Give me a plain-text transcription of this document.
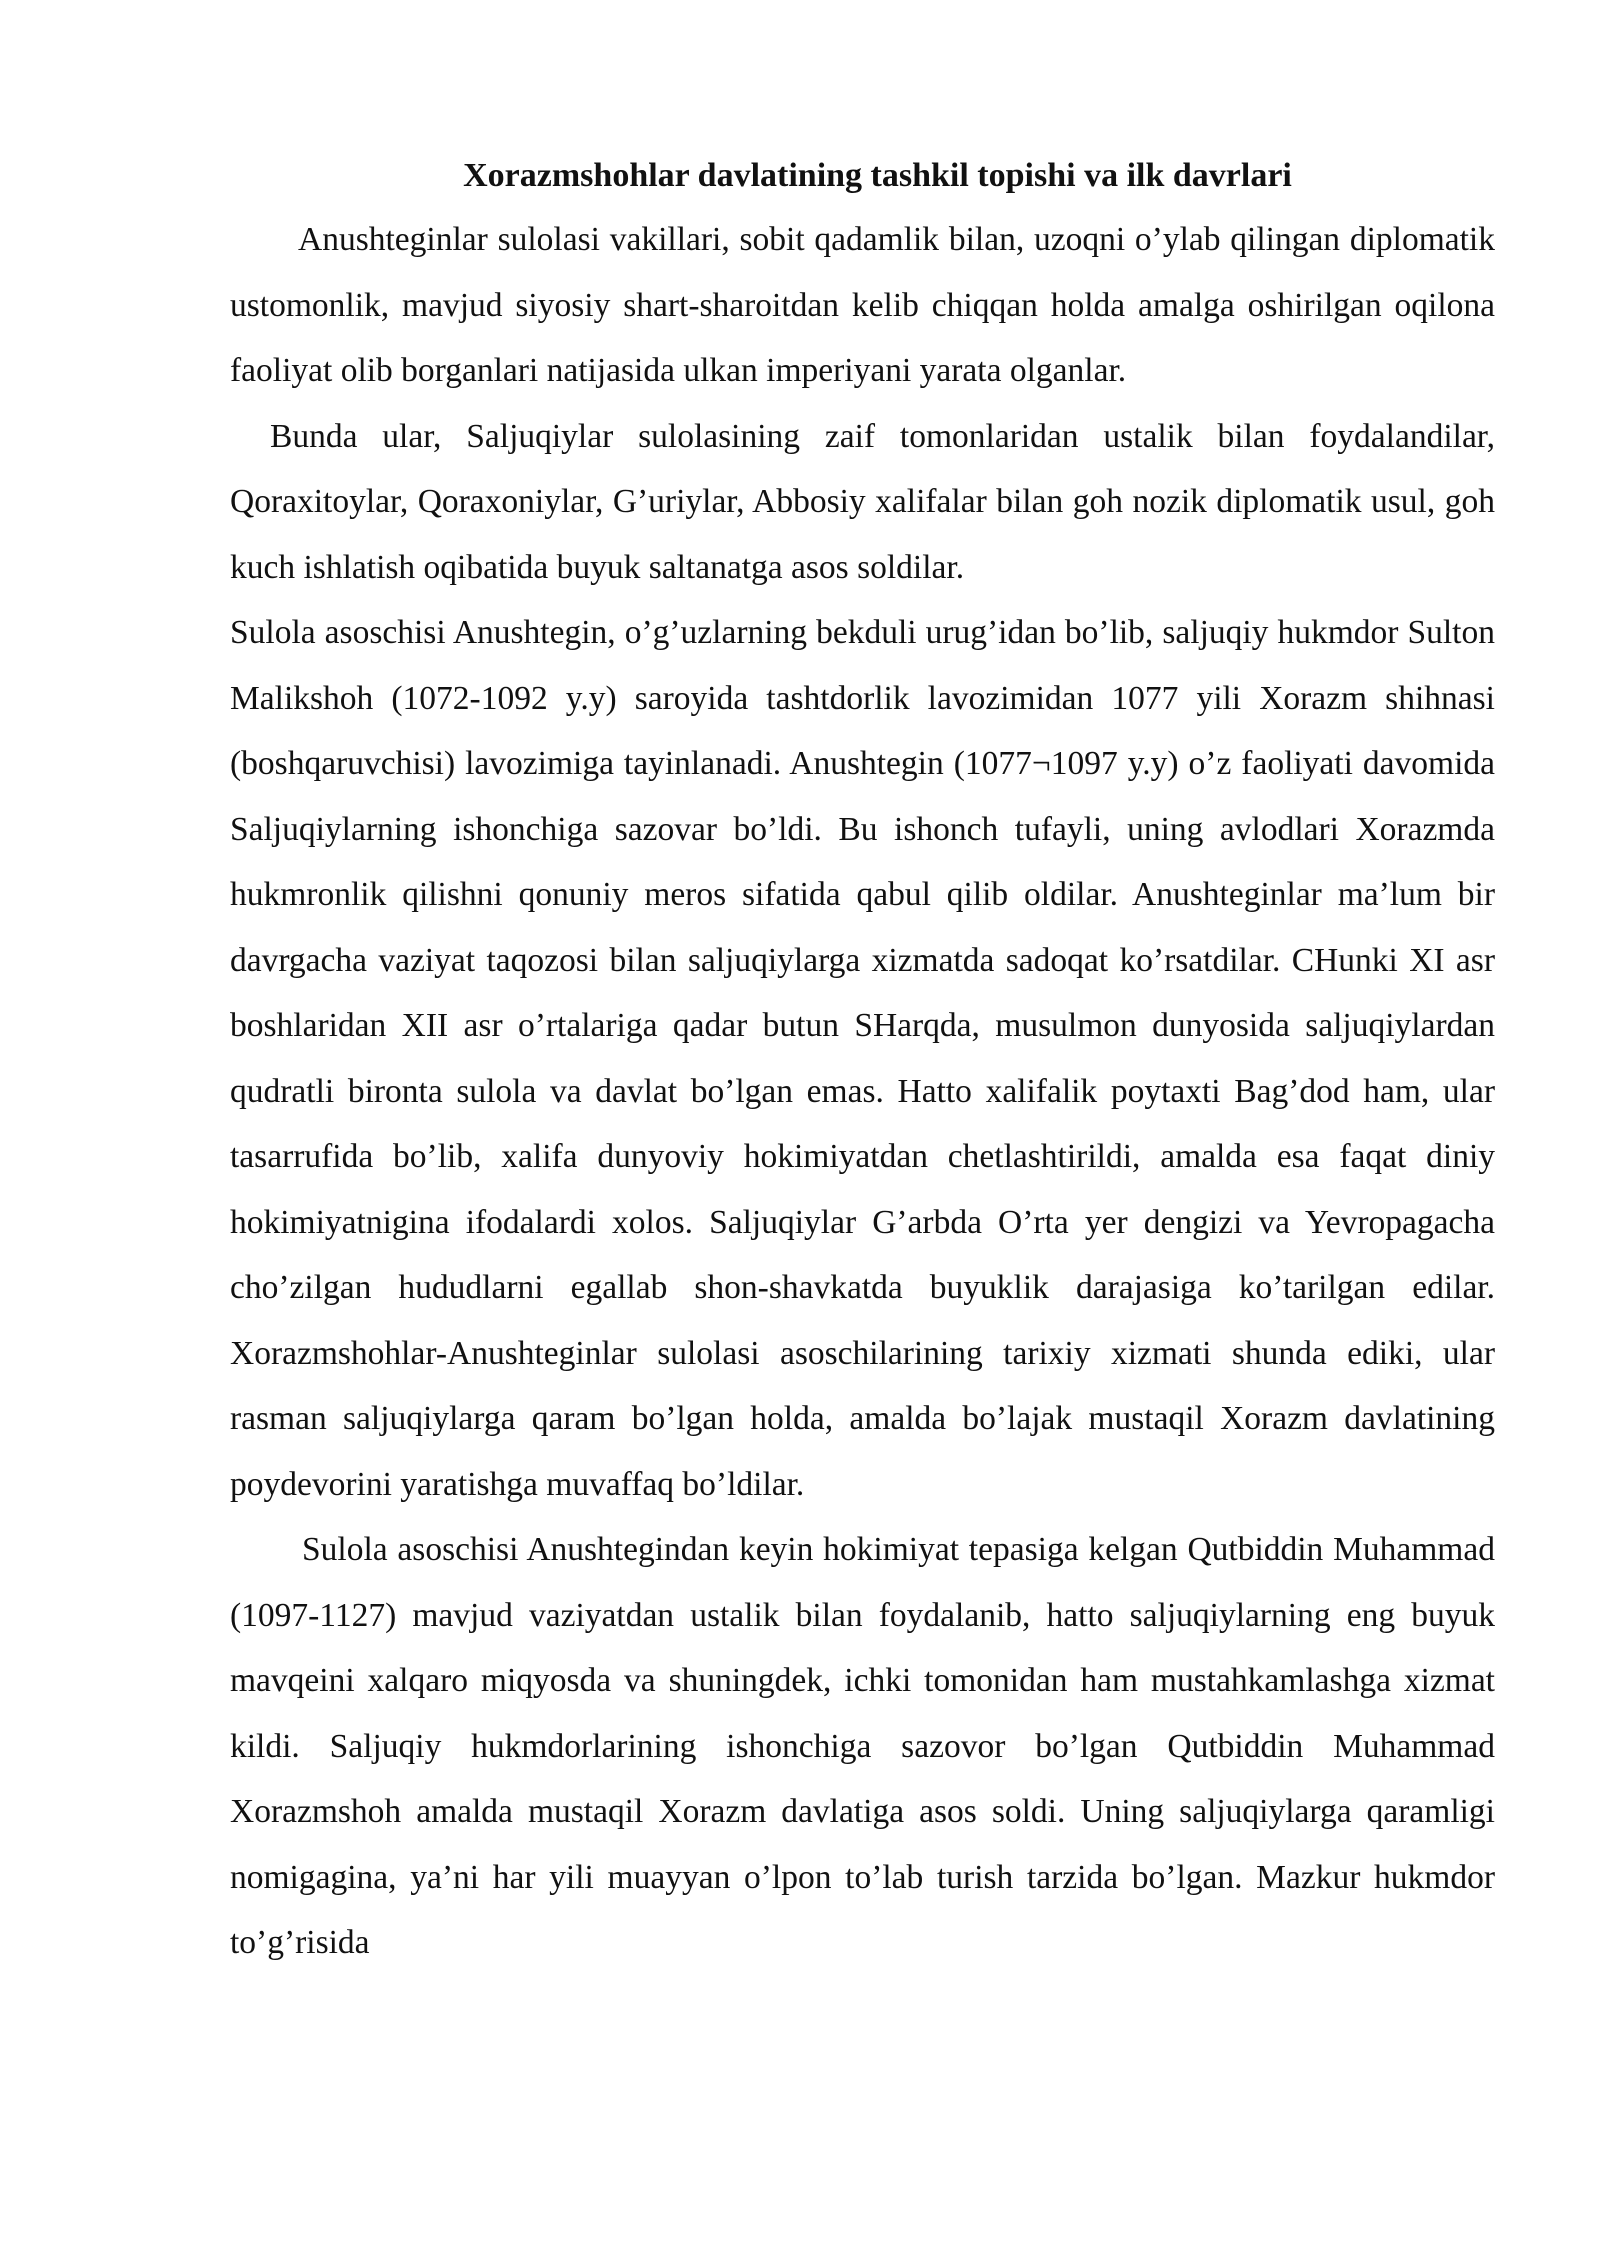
Xorazmshohlar davlatining tashkil topishi va ilk davrlari

Anushteginlar sulolasi vakillari, sobit qadamlik bilan, uzoqni o’ylab qilingan diplomatik ustomonlik, mavjud siyosiy shart-sharoitdan kelib chiqqan holda amalga oshirilgan oqilona faoliyat olib borganlari natijasida ulkan imperiyani yarata olganlar.

Bunda ular, Saljuqiylar sulolasining zaif tomonlaridan ustalik bilan foydalandilar, Qoraxitoylar, Qoraxoniylar, G’uriylar, Abbosiy xalifalar bilan goh nozik diplomatik usul, goh kuch ishlatish oqibatida buyuk saltanatga asos soldilar.

Sulola asoschisi Anushtegin, o’g’uzlarning bekduli urug’idan bo’lib, saljuqiy hukmdor Sulton Malikshoh (1072-1092 y.y) saroyida tashtdorlik lavozimidan 1077 yili Xorazm shihnasi (boshqaruvchisi) lavozimiga tayinlanadi. Anushtegin (1077¬1097 y.y) o’z faoliyati davomida Saljuqiylarning ishonchiga sazovar bo’ldi. Bu ishonch tufayli, uning avlodlari Xorazmda hukmronlik qilishni qonuniy meros sifatida qabul qilib oldilar. Anushteginlar ma’lum bir davrgacha vaziyat taqozosi bilan saljuqiylarga xizmatda sadoqat ko’rsatdilar. CHunki XI asr boshlaridan XII asr o’rtalariga qadar butun SHarqda, musulmon dunyosida saljuqiylardan qudratli bironta sulola va davlat bo’lgan emas. Hatto xalifalik poytaxti Bag’dod ham, ular tasarrufida bo’lib, xalifa dunyoviy hokimiyatdan chetlashtirildi, amalda esa faqat diniy hokimiyatnigina ifodalardi xolos. Saljuqiylar G’arbda O’rta yer dengizi va Yevropagacha cho’zilgan hududlarni egallab shon-shavkatda buyuklik darajasiga ko’tarilgan edilar. Xorazmshohlar-Anushteginlar sulolasi asoschilarining tarixiy xizmati shunda ediki, ular rasman saljuqiylarga qaram bo’lgan holda, amalda bo’lajak mustaqil Xorazm davlatining poydevorini yaratishga muvaffaq bo’ldilar.

Sulola asoschisi Anushtegindan keyin hokimiyat tepasiga kelgan Qutbiddin Muhammad (1097-1127) mavjud vaziyatdan ustalik bilan foydalanib, hatto saljuqiylarning eng buyuk mavqeini xalqaro miqyosda va shuningdek, ichki tomonidan ham mustahkamlashga xizmat kildi. Saljuqiy hukmdorlarining ishonchiga sazovor bo’lgan Qutbiddin Muhammad Xorazmshoh amalda mustaqil Xorazm davlatiga asos soldi. Uning saljuqiylarga qaramligi nomigagina, ya’ni har yili muayyan o’lpon to’lab turish tarzida bo’lgan. Mazkur hukmdor to’g’risida
